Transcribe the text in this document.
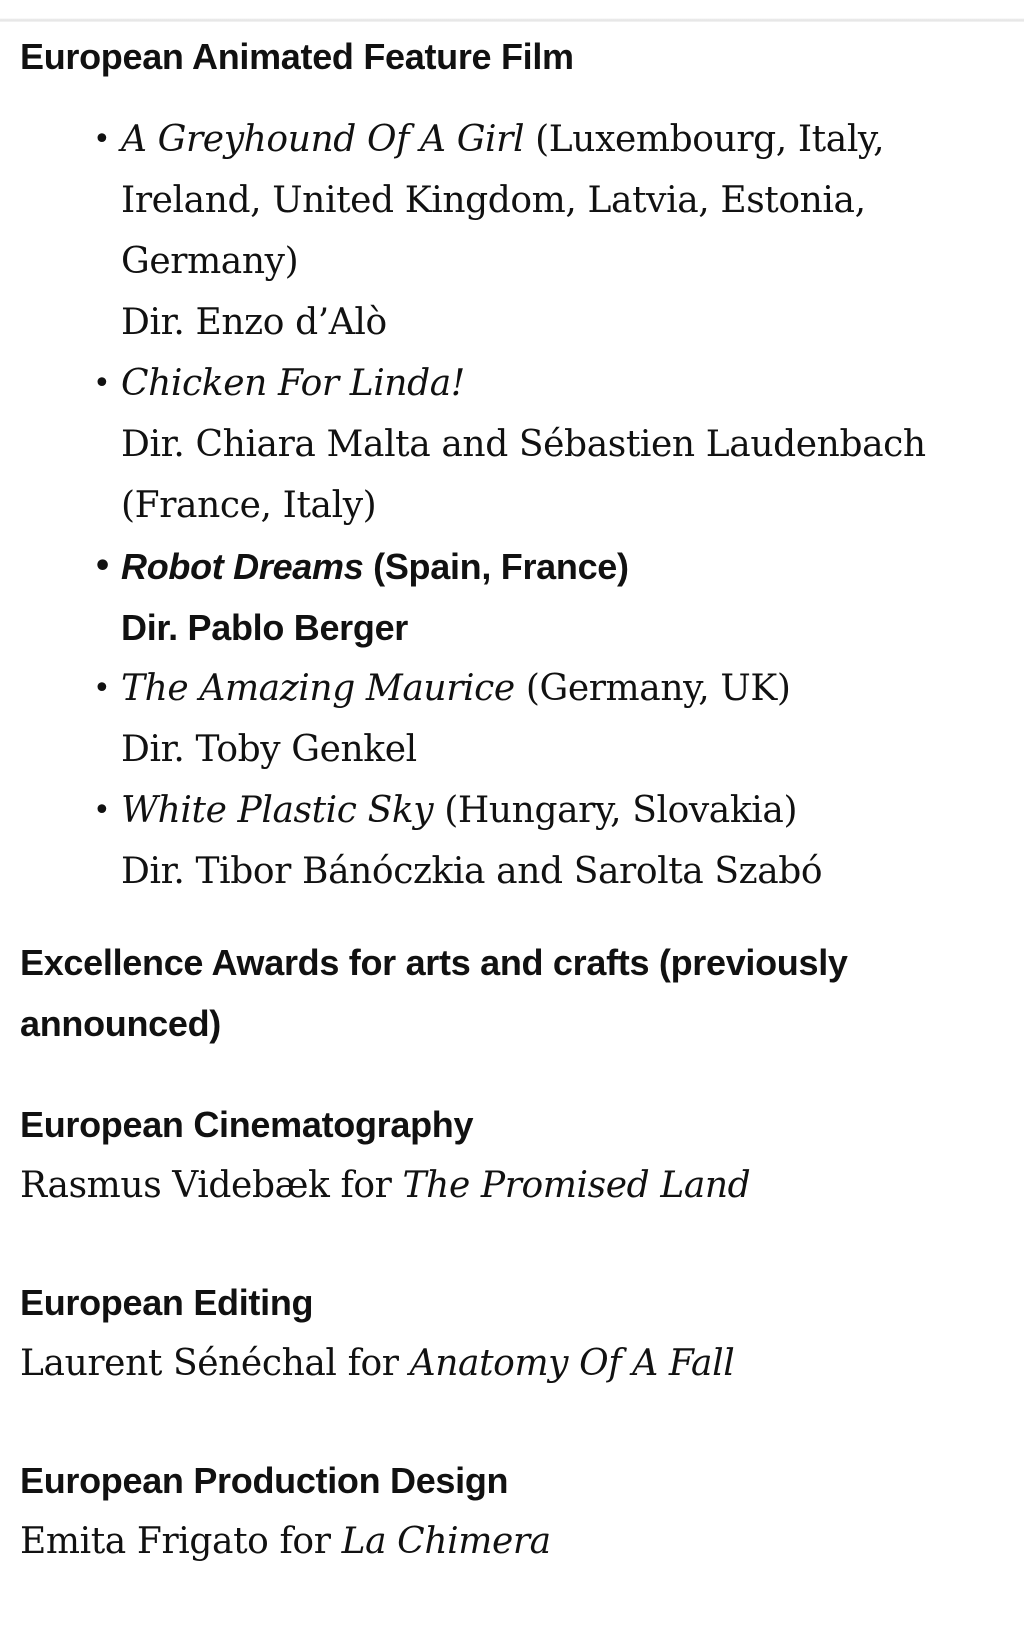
European Animated Feature Film
• A Greyhound Of A Girl (Luxembourg, Italy, Ireland, United Kingdom, Latvia, Estonia, Germany)
Dir. Enzo d’Alò
• Chicken For Linda!
Dir. Chiara Malta and Sébastien Laudenbach (France, Italy)
• Robot Dreams (Spain, France)
Dir. Pablo Berger
• The Amazing Maurice (Germany, UK)
Dir. Toby Genkel
• White Plastic Sky (Hungary, Slovakia)
Dir. Tibor Bánóczkia and Sarolta Szabó
Excellence Awards for arts and crafts (previously announced)
European Cinematography

Rasmus Videbæk for The Promised Land

European Editing

Laurent Sénéchal for Anatomy Of A Fall

European Production Design

Emita Frigato for La Chimera
